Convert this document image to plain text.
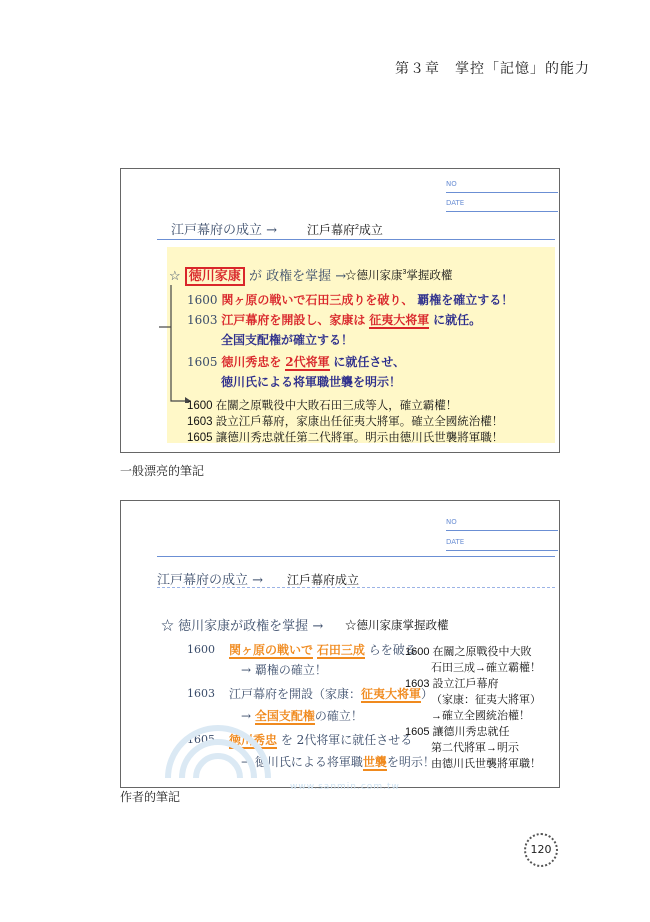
第３章　掌控「記憶」的能力
NO
DATE
江戸幕府の成立 → 江戶幕府$^2$成立
☆ 徳川家康 が 政権を掌握 →
☆德川家康$^3$掌握政權
1600 関ヶ原の戦いで石田三成りを破り、 覇権を確立する！
1603 江戸幕府を開設し、家康は 征夷大将軍 に就任。
全国支配権が確立する！
1605 徳川秀忠を 2代将軍 に就任させ、
徳川氏による将軍職世襲を明示！
1600 在關之原戰役中大敗石田三成等人，確立霸權！
1603 設立江戶幕府，家康出任征夷大將軍。確立全國統治權！
1605 讓德川秀忠就任第二代將軍。明示由德川氏世襲將軍職！
一般漂亮的筆記
NO
DATE
江戸幕府の成立 → 江戶幕府成立
☆ 徳川家康が政権を掌握 → ☆德川家康掌握政權
1600 関ヶ原の戦いで 石田三成 らを破る
→ 覇権の確立！
1603 江戸幕府を開設（家康：征夷大将軍）
→ 全国支配権の確立！
1605 徳川秀忠 を 2代将軍に就任させる
→ 徳川氏による将軍職世襲を明示！
1600 在關之原戰役中大敗
石田三成→確立霸權！
1603 設立江戶幕府
（家康：征夷大將軍）
→確立全國統治權！
1605 讓德川秀忠就任
第二代將軍→明示
由德川氏世襲將軍職！
www.sanmin.com.tw
作者的筆記
120
